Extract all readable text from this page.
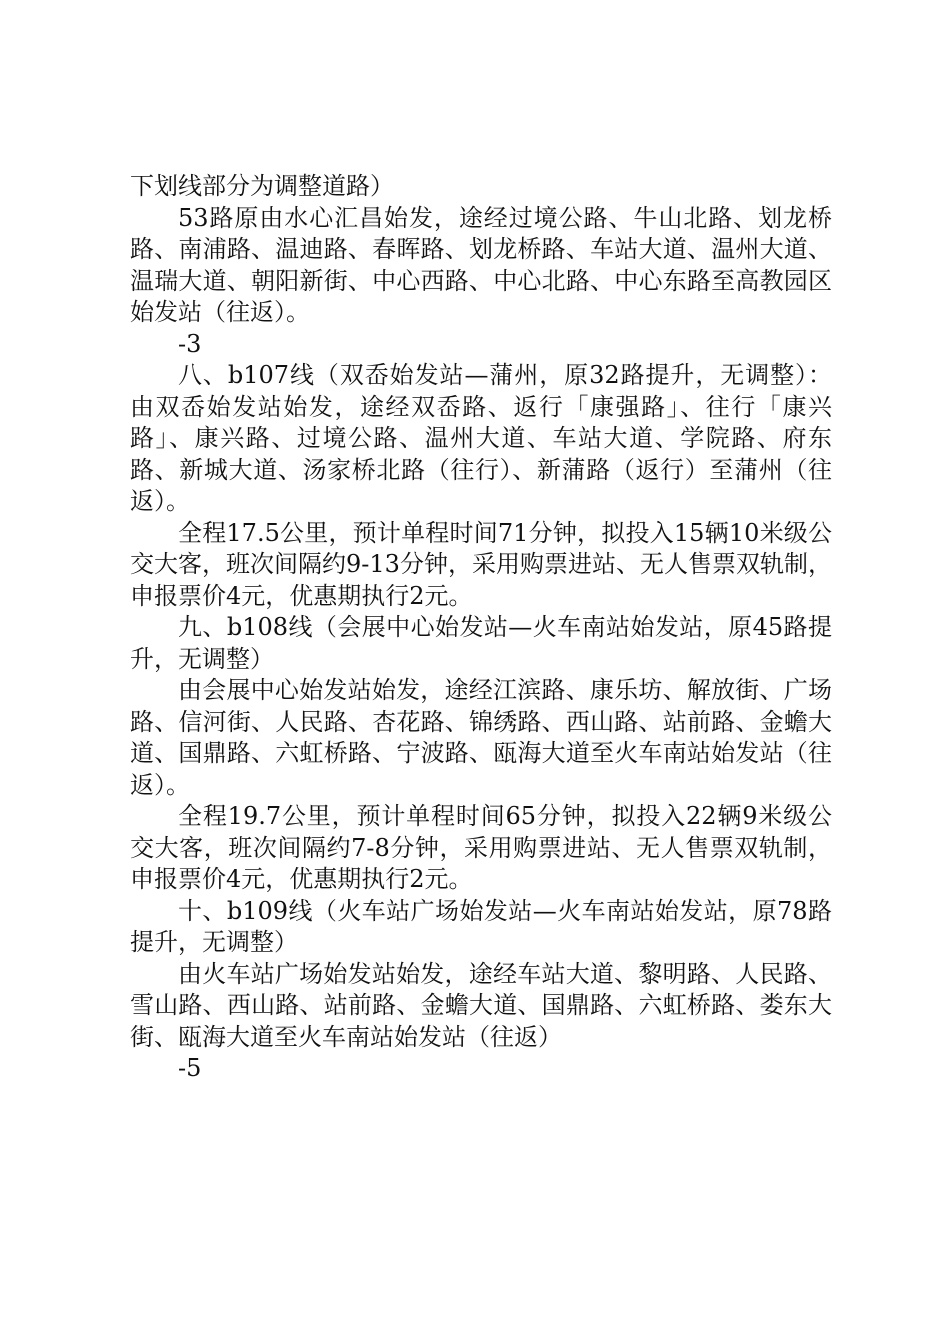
下划线部分为调整道路）

53路原由水心汇昌始发，途经过境公路、牛山北路、划龙桥路、南浦路、温迪路、春晖路、划龙桥路、车站大道、温州大道、温瑞大道、朝阳新街、中心西路、中心北路、中心东路至高教园区始发站（往返）。

-3

八、b107线（双岙始发站—蒲州，原32路提升，无调整）：由双岙始发站始发，途经双岙路、返行「康强路」、往行「康兴路」、康兴路、过境公路、温州大道、车站大道、学院路、府东路、新城大道、汤家桥北路（往行）、新蒲路（返行）至蒲州（往返）。

全程17.5公里，预计单程时间71分钟，拟投入15辆10米级公交大客，班次间隔约9-13分钟，采用购票进站、无人售票双轨制，申报票价4元，优惠期执行2元。

九、b108线（会展中心始发站—火车南站始发站，原45路提升，无调整）

由会展中心始发站始发，途经江滨路、康乐坊、解放街、广场路、信河街、人民路、杏花路、锦绣路、西山路、站前路、金蟾大道、国鼎路、六虹桥路、宁波路、瓯海大道至火车南站始发站（往返）。

全程19.7公里，预计单程时间65分钟，拟投入22辆9米级公交大客，班次间隔约7-8分钟，采用购票进站、无人售票双轨制，申报票价4元，优惠期执行2元。

十、b109线（火车站广场始发站—火车南站始发站，原78路提升，无调整）

由火车站广场始发站始发，途经车站大道、黎明路、人民路、雪山路、西山路、站前路、金蟾大道、国鼎路、六虹桥路、娄东大街、瓯海大道至火车南站始发站（往返）

-5
